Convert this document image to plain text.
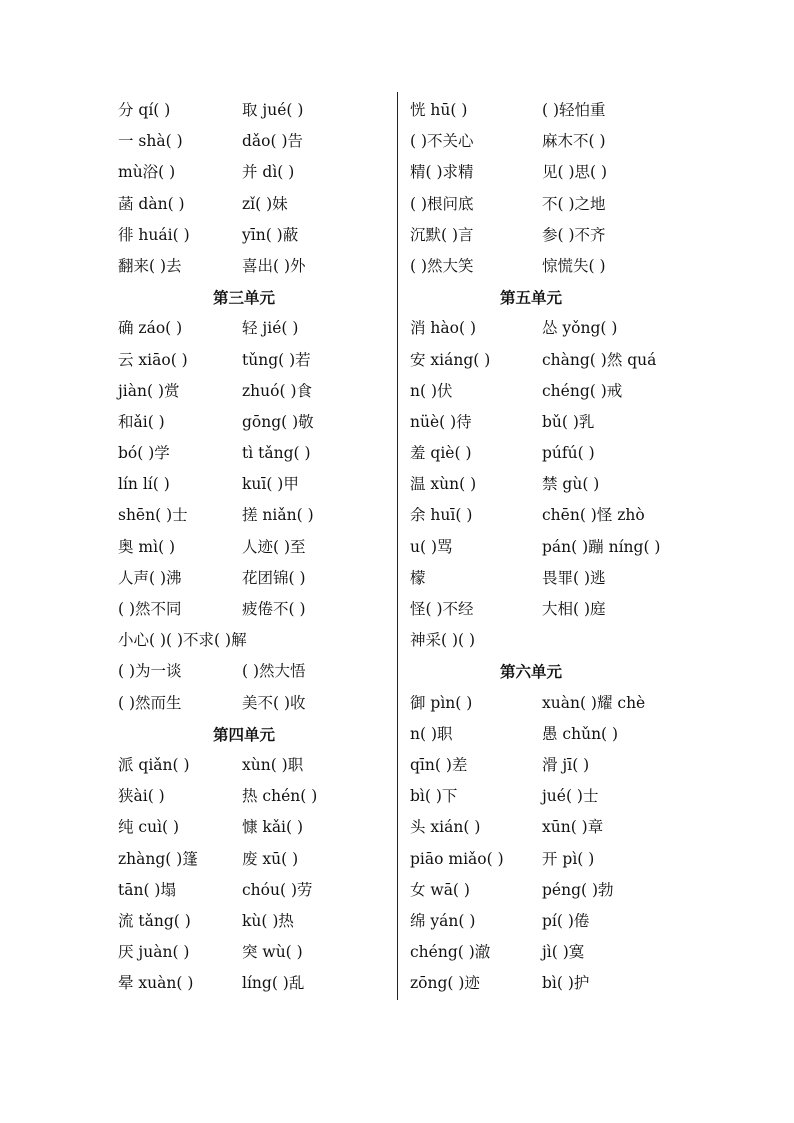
分 qí( )	取 jué( )
一 shà( )	dǎo( )告
mù浴( )	并 dì( )
菡 dàn( )	zǐ( )妹
徘 huái( )	yīn( )蔽
翻来( )去	喜出( )外
第三单元
确 záo( )	轻 jié( )
云 xiāo( )	tǔng( )若
jiàn( )赏	zhuó( )食
和ǎi( )	gōng( )敬
bó( )学	tì tǎng( )
lín lí( )	kuī( )甲
shēn( )士	搓 niǎn( )
奥 mì( )	人迹( )至
人声( )沸	花团锦( )
( )然不同	疲倦不( )
小心( )( )不求( )解
( )为一谈	( )然大悟
( )然而生	美不( )收
第四单元
派 qiǎn( )	xùn( )职
狭ài( )	热 chén( )
纯 cuì( )	慷 kǎi( )
zhàng( )篷	废 xū( )
tān( )塌	chóu( )劳
流 tǎng( )	kù( )热
厌 juàn( )	突 wù( )
晕 xuàn( )	líng( )乱
恍 hū( )	( )轻怕重
( )不关心	麻木不( )
精( )求精	见( )思( )
( )根问底	不( )之地
沉默( )言	参( )不齐
( )然大笑	惊慌失( )
第五单元
消 hào( )	怂 yǒng( )
安 xiáng( )	chàng( )然 quá
n( )伏	chéng( )戒
nüè( )待	bǔ( )乳
羞 qiè( )	púfú( )
温 xùn( )	禁 gù( )
余 huī( )	chēn( )怪 zhò
u( )骂	pán( )蹦 níng( )
檬	畏罪( )逃
怪( )不经	大相( )庭
神采( )( )
第六单元
御 pìn( )	xuàn( )耀 chè
n( )职	愚 chǔn( )
qīn( )差	滑 jī( )
bì( )下	jué( )士
头 xián( )	xūn( )章
piāo miǎo( ) 开 pì( )
女 wā( )	péng( )勃
绵 yán( )	pí( )倦
chéng( )澈	jì( )寞
zōng( )迹	bì( )护
